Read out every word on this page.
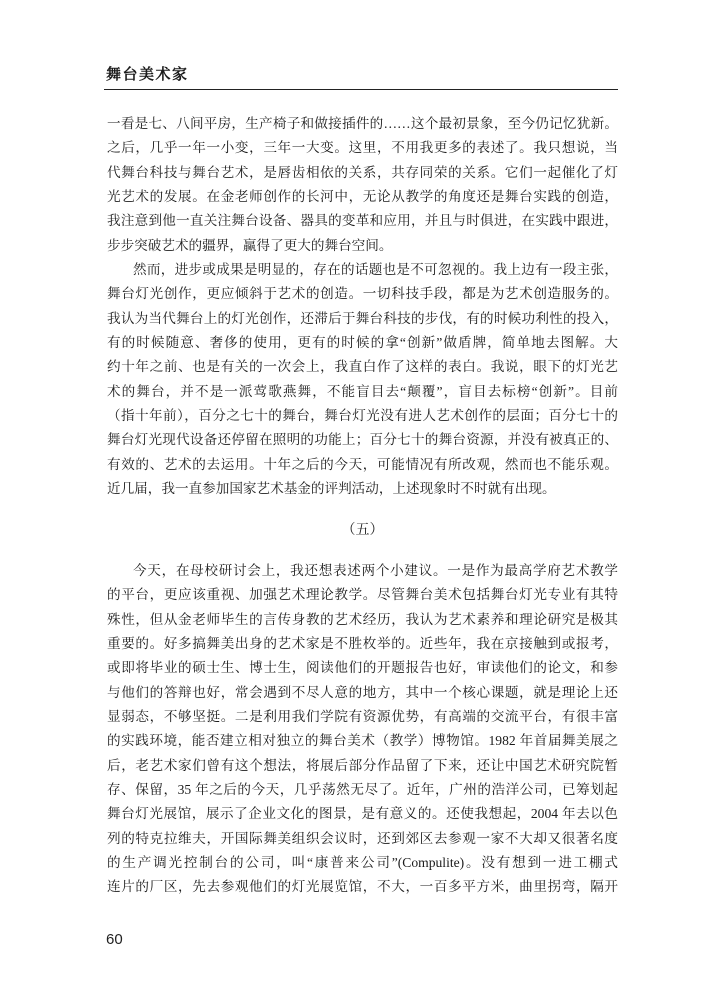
舞台美术家
一看是七、八间平房，生产椅子和做接插件的……这个最初景象，至今仍记忆犹新。
之后，几乎一年一小变，三年一大变。这里，不用我更多的表述了。我只想说，当
代舞台科技与舞台艺术，是唇齿相依的关系，共存同荣的关系。它们一起催化了灯
光艺术的发展。在金老师创作的长河中，无论从教学的角度还是舞台实践的创造，
我注意到他一直关注舞台设备、器具的变革和应用，并且与时俱进，在实践中跟进，
步步突破艺术的疆界，赢得了更大的舞台空间。
然而，进步或成果是明显的，存在的话题也是不可忽视的。我上边有一段主张，
舞台灯光创作，更应倾斜于艺术的创造。一切科技手段，都是为艺术创造服务的。
我认为当代舞台上的灯光创作，还滞后于舞台科技的步伐，有的时候功利性的投入，
有的时候随意、奢侈的使用，更有的时候的拿“创新”做盾牌，简单地去图解。大
约十年之前、也是有关的一次会上，我直白作了这样的表白。我说，眼下的灯光艺
术的舞台，并不是一派莺歌燕舞，不能盲目去“颠覆”，盲目去标榜“创新”。目前
（指十年前），百分之七十的舞台，舞台灯光没有进人艺术创作的层面；百分七十的
舞台灯光现代设备还停留在照明的功能上；百分七十的舞台资源，并没有被真正的、
有效的、艺术的去运用。十年之后的今天，可能情况有所改观，然而也不能乐观。
近几届，我一直参加国家艺术基金的评判活动，上述现象时不时就有出现。
（五）
今天，在母校研讨会上，我还想表述两个小建议。一是作为最高学府艺术教学
的平台，更应该重视、加强艺术理论教学。尽管舞台美术包括舞台灯光专业有其特
殊性，但从金老师毕生的言传身教的艺术经历，我认为艺术素养和理论研究是极其
重要的。好多搞舞美出身的艺术家是不胜枚举的。近些年，我在京接触到或报考，
或即将毕业的硕士生、博士生，阅读他们的开题报告也好，审读他们的论文，和参
与他们的答辩也好，常会遇到不尽人意的地方，其中一个核心课题，就是理论上还
显弱态，不够坚挺。二是利用我们学院有资源优势，有高端的交流平台，有很丰富
的实践环境，能否建立相对独立的舞台美术（教学）博物馆。1982 年首届舞美展之
后，老艺术家们曾有这个想法，将展后部分作品留了下来，还让中国艺术研究院暂
存、保留，35 年之后的今天，几乎荡然无尽了。近年，广州的浩洋公司，已筹划起
舞台灯光展馆，展示了企业文化的图景，是有意义的。还使我想起，2004 年去以色
列的特克拉维夫，开国际舞美组织会议时，还到郊区去参观一家不大却又很著名度
的生产调光控制台的公司，叫“康普来公司”(Compulite)。没有想到一进工棚式
连片的厂区，先去参观他们的灯光展览馆，不大，一百多平方米，曲里拐弯，隔开
60
